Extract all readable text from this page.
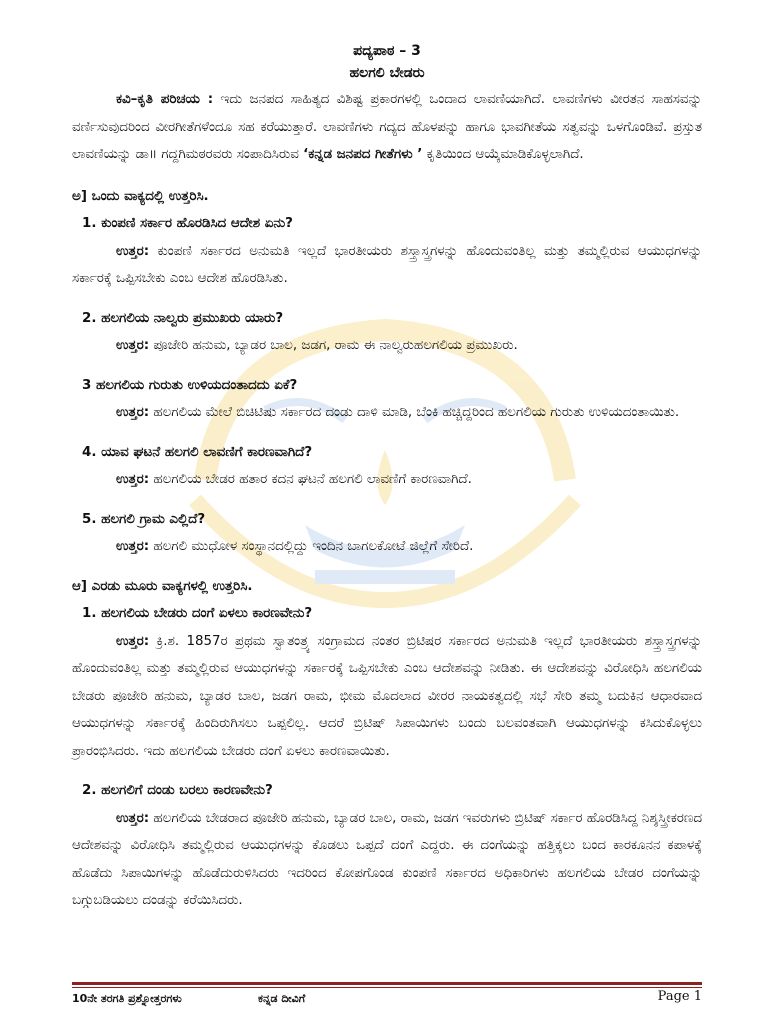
ಪದ್ಯಪಾಠ – 3
ಹಲಗಲಿ ಬೇಡರು
ಕವಿ–ಕೃತಿ ಪರಿಚಯ : ಇದು ಜನಪದ ಸಾಹಿತ್ಯದ ವಿಶಿಷ್ಟ ಪ್ರಕಾರಗಳಲ್ಲಿ ಒಂದಾದ ಲಾವಣಿಯಾಗಿದೆ. ಲಾವಣಿಗಳು ವೀರತನ ಸಾಹಸವನ್ನು ವರ್ಣಿಸುವುದರಿಂದ ವೀರಗೀತೆಗಳೆಂದೂ ಸಹ ಕರೆಯುತ್ತಾರೆ. ಲಾವಣಿಗಳು ಗದ್ಯದ ಹೊಳಪನ್ನು ಹಾಗೂ ಭಾವಗೀತೆಯ ಸತ್ವವನ್ನು ಒಳಗೊಂಡಿವೆ. ಪ್ರಸ್ತುತ ಲಾವಣಿಯನ್ನು ಡಾ॥ ಗದ್ದಗಿಮಠರವರು ಸಂಪಾದಿಸಿರುವ ‘ಕನ್ನಡ ಜನಪದ ಗೀತೆಗಳು ’ ಕೃತಿಯಿಂದ ಆಯ್ಕೆಮಾಡಿಕೊಳ್ಳಲಾಗಿದೆ.
ಅ] ಒಂದು ವಾಕ್ಯದಲ್ಲಿ ಉತ್ತರಿಸಿ.
1. ಕುಂಪಣಿ ಸರ್ಕಾರ ಹೊರಡಿಸಿದ ಆದೇಶ ಏನು?
ಉತ್ತರ: ಕುಂಪಣಿ ಸರ್ಕಾರದ ಅನುಮತಿ ಇಲ್ಲದೆ ಭಾರತೀಯರು ಶಸ್ತ್ರಾಸ್ತ್ರಗಳನ್ನು ಹೊಂದುವಂತಿಲ್ಲ ಮತ್ತು ತಮ್ಮಲ್ಲಿರುವ ಆಯುಧಗಳನ್ನು ಸರ್ಕಾರಕ್ಕೆ ಒಪ್ಪಿಸಬೇಕು ಎಂಬ ಆದೇಶ ಹೊರಡಿಸಿತು.
2. ಹಲಗಲಿಯ ನಾಲ್ವರು ಪ್ರಮುಖರು ಯಾರು?
ಉತ್ತರ: ಪೂಜೇರಿ ಹನುಮ, ಬ್ಯಾಡರ ಬಾಲ, ಜಡಗ, ರಾಮ ಈ ನಾಲ್ವರುಹಲಗಲಿಯ ಪ್ರಮುಖರು.
3 ಹಲಗಲಿಯ ಗುರುತು ಉಳಿಯದಂತಾದದು ಏಕೆ?
ಉತ್ತರ: ಹಲಗಲಿಯ ಮೇಲೆ ಬಿಚಿಟಿಷು ಸರ್ಕಾರದ ದಂಡು ದಾಳಿ ಮಾಡಿ, ಬೆಂಕಿ ಹಚ್ಚಿದ್ದರಿಂದ ಹಲಗಲಿಯ ಗುರುತು ಉಳಿಯದಂತಾಯಿತು.
4. ಯಾವ ಘಟನೆ ಹಲಗಲಿ ಲಾವಣಿಗೆ ಕಾರಣವಾಗಿದೆ?
ಉತ್ತರ: ಹಲಗಲಿಯ ಬೇಡರ ಹತಾರ ಕದನ ಘಟನೆ ಹಲಗಲಿ ಲಾವಣಿಗೆ ಕಾರಣವಾಗಿದೆ.
5. ಹಲಗಲಿ ಗ್ರಾಮ ಎಲ್ಲಿದೆ?
ಉತ್ತರ: ಹಲಗಲಿ ಮುಧೋಳ ಸಂಸ್ಥಾನದಲ್ಲಿದ್ದು ಇಂದಿನ ಬಾಗಲಕೋಟೆ ಜಿಲ್ಲೆಗೆ ಸೇರಿದೆ.
ಆ] ಎರಡು ಮೂರು ವಾಕ್ಯಗಳಲ್ಲಿ ಉತ್ತರಿಸಿ.
1. ಹಲಗಲಿಯ ಬೇಡರು ದಂಗೆ ಏಳಲು ಕಾರಣವೇನು?
ಉತ್ತರ: ಕ್ರಿ.ಶ. 1857ರ ಪ್ರಥಮ ಸ್ವಾತಂತ್ರ್ಯ ಸಂಗ್ರಾಮದ ನಂತರ ಬ್ರಿಟಿಷರ ಸರ್ಕಾರದ ಅನುಮತಿ ಇಲ್ಲದೆ ಭಾರತೀಯರು ಶಸ್ತ್ರಾಸ್ತ್ರಗಳನ್ನು ಹೊಂದುವಂತಿಲ್ಲ ಮತ್ತು ತಮ್ಮಲ್ಲಿರುವ ಆಯುಧಗಳನ್ನು ಸರ್ಕಾರಕ್ಕೆ ಒಪ್ಪಿಸಬೇಕು ಎಂಬ ಆದೇಶವನ್ನು ನೀಡಿತು. ಈ ಆದೇಶವನ್ನು ವಿರೋಧಿಸಿ ಹಲಗಲಿಯ ಬೇಡರು ಪೂಜೇರಿ ಹನುಮ, ಬ್ಯಾಡರ ಬಾಲ, ಜಡಗ ರಾಮ, ಭೀಮ ಮೊದಲಾದ ವೀರರ ನಾಯಕತ್ವದಲ್ಲಿ ಸಭೆ ಸೇರಿ ತಮ್ಮ ಬದುಕಿನ ಆಧಾರವಾದ ಆಯುಧಗಳನ್ನು ಸರ್ಕಾರಕ್ಕೆ ಹಿಂದಿರುಗಿಸಲು ಒಪ್ಪಲಿಲ್ಲ. ಆದರೆ ಬ್ರಿಟಿಷ್ ಸಿಪಾಯಿಗಳು ಬಂದು ಬಲವಂತವಾಗಿ ಆಯುಧಗಳನ್ನು ಕಸಿದುಕೊಳ್ಳಲು ಪ್ರಾರಂಭಿಸಿದರು. ಇದು ಹಲಗಲಿಯ ಬೇಡರು ದಂಗೆ ಏಳಲು ಕಾರಣವಾಯಿತು.
2. ಹಲಗಲಿಗೆ ದಂಡು ಬರಲು ಕಾರಣವೇನು?
ಉತ್ತರ: ಹಲಗಲಿಯ ಬೇಡರಾದ ಪೂಜೇರಿ ಹನುಮ, ಬ್ಯಾಡರ ಬಾಲ, ರಾಮ, ಜಡಗ ಇವರುಗಳು ಬ್ರಿಟಿಷ್ ಸರ್ಕಾರ ಹೊರಡಿಸಿದ್ದ ನಿಶ್ಶಸ್ತ್ರೀಕರಣದ ಆದೇಶವನ್ನು ವಿರೋಧಿಸಿ ತಮ್ಮಲ್ಲಿರುವ ಆಯುಧಗಳನ್ನು ಕೊಡಲು ಒಪ್ಪದೆ ದಂಗೆ ಎದ್ದರು. ಈ ದಂಗೆಯನ್ನು ಹತ್ತಿಕ್ಕಲು ಬಂದ ಕಾರಕೂನನ ಕಪಾಳಕ್ಕೆ ಹೊಡೆದು ಸಿಪಾಯಿಗಳನ್ನು ಹೊಡೆದುರುಳಿಸಿದರು ಇದರಿಂದ ಕೋಪಗೊಂಡ ಕುಂಪಣಿ ಸರ್ಕಾರದ ಅಧಿಕಾರಿಗಳು ಹಲಗಲಿಯ ಬೇಡರ ದಂಗೆಯನ್ನು ಬಗ್ಗುಬಡಿಯಲು ದಂಡನ್ನು ಕರೆಯಿಸಿದರು.
10ನೇ ತರಗತಿ ಪ್ರಶ್ನೋತ್ತರಗಳು	ಕನ್ನಡ ದೀವಿಗೆ	Page 1
